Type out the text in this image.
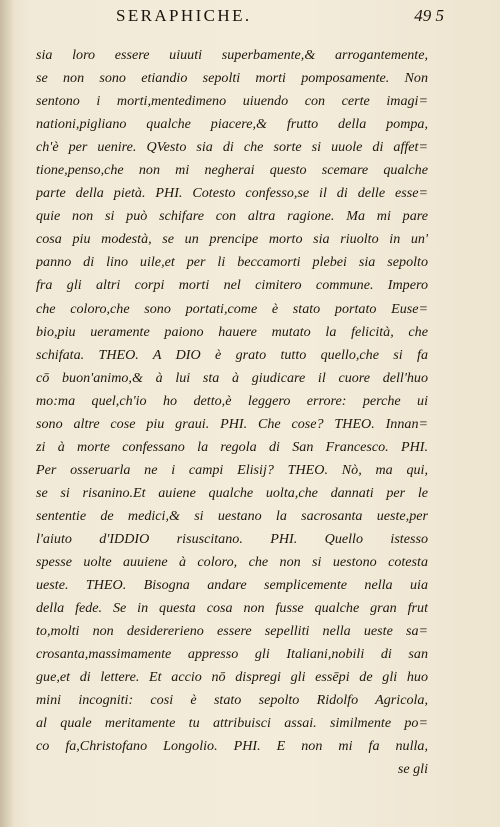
SERAPHICHE.	49 5
sia loro essere uiuuti superbamente,& arrogantemente,
se non sono etiandio sepolti morti pomposamente. Non
sentono i morti,mentedimeno uiuendo con certe imagi=
nationi,pigliano qualche piacere,& frutto della pompa,
ch'è per uenire. QVesto sia di che sorte si uuole di affet=
tione,penso,che non mi negherai questo scemare qualche
parte della pietà. PHI. Cotesto confesso,se il di delle esse=
quie non si può schifare con altra ragione. Ma mi pare
cosa piu modestà, se un prencipe morto sia riuolto in un'
panno di lino uile,et per li beccamorti plebei sia sepolto
fra gli altri corpi morti nel cimitero commune. Impero
che coloro,che sono portati,come è stato portato Euse=
bio,piu ueramente paiono hauere mutato la felicità, che
schifata. THEO. A DIO è grato tutto quello,che si fa
cō buon'animo,& à lui sta à giudicare il cuore dell'huo
mo:ma quel,ch'io ho detto,è leggero errore: perche ui
sono altre cose piu graui. PHI. Che cose? THEO. Innan=
zi à morte confessano la regola di San Francesco. PHI.
Per osseruarla ne i campi Elisij? THEO. Nò, ma qui,
se si risanino.Et auiene qualche uolta,che dannati per le
sententie de medici,& si uestano la sacrosanta ueste,per
l'aiuto d'IDDIO risuscitano. PHI. Quello istesso
spesse uolte auuiene à coloro, che non si uestono cotesta
ueste. THEO. Bisogna andare semplicemente nella uia
della fede. Se in questa cosa non fusse qualche gran frut
to,molti non desidererieno essere sepelliti nella ueste sa=
crosanta,massimamente appresso gli Italiani,nobili di san
gue,et di lettere. Et accio nō dispregi gli essēpi de gli huo
mini incogniti: cosi è stato sepolto Ridolfo Agricola,
al quale meritamente tu attribuisci assai. similmente po=
co fa,Christofano Longolio. PHI. E non mi fa nulla,
se gli
